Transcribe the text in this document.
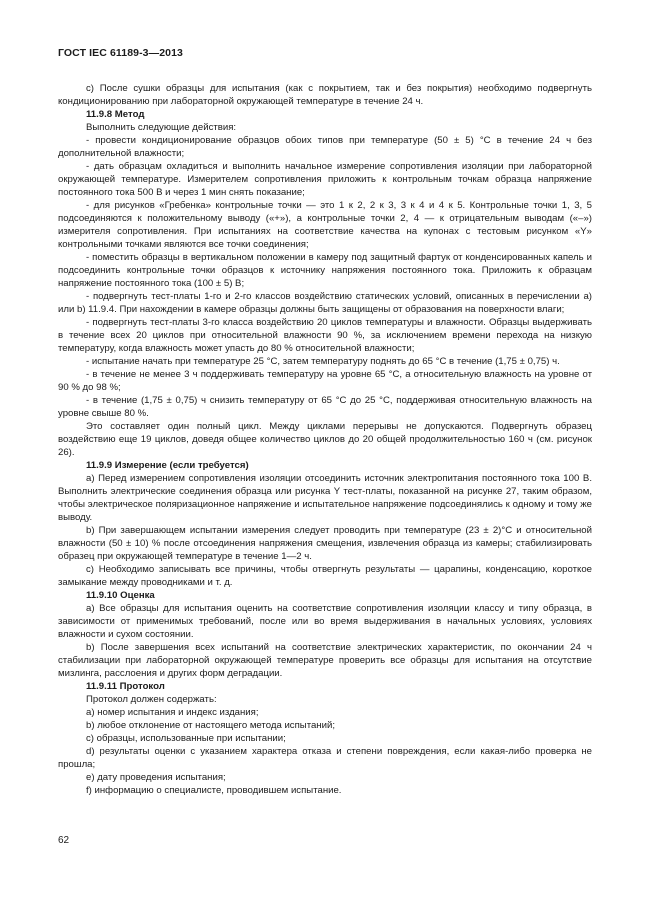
ГОСТ IEC 61189-3—2013

c) После сушки образцы для испытания (как с покрытием, так и без покрытия) необходимо подвергнуть кондиционированию при лабораторной окружающей температуре в течение 24 ч.

11.9.8 Метод

Выполнить следующие действия:

- провести кондиционирование образцов обоих типов при температуре (50 ± 5) °С в течение 24 ч без дополнительной влажности;

- дать образцам охладиться и выполнить начальное измерение сопротивления изоляции при лабораторной окружающей температуре. Измерителем сопротивления приложить к контрольным точкам образца напряжение постоянного тока 500 В и через 1 мин снять показание;

- для рисунков «Гребенка» контрольные точки — это 1 к 2, 2 к 3, 3 к 4 и 4 к 5. Контрольные точки 1, 3, 5 подсоединяются к положительному выводу («+»), а контрольные точки 2, 4 — к отрицательным выводам («–») измерителя сопротивления. При испытаниях на соответствие качества на купонах с тестовым рисунком «Y» контрольными точками являются все точки соединения;

- поместить образцы в вертикальном положении в камеру под защитный фартук от конденсированных капель и подсоединить контрольные точки образцов к источнику напряжения постоянного тока. Приложить к образцам напряжение постоянного тока (100 ± 5) В;

- подвергнуть тест-платы 1-го и 2-го классов воздействию статических условий, описанных в перечислении a) или b) 11.9.4. При нахождении в камере образцы должны быть защищены от образования на поверхности влаги;

- подвергнуть тест-платы 3-го класса воздействию 20 циклов температуры и влажности. Образцы выдерживать в течение всех 20 циклов при относительной влажности 90 %, за исключением времени перехода на низкую температуру, когда влажность может упасть до 80 % относительной влажности;

- испытание начать при температуре 25 °С, затем температуру поднять до 65 °С в течение (1,75 ± 0,75) ч.

- в течение не менее 3 ч поддерживать температуру на уровне 65 °С, а относительную влажность на уровне от 90 % до 98 %;

- в течение (1,75 ± 0,75) ч снизить температуру от 65 °С до 25 °С, поддерживая относительную влажность на уровне свыше 80 %.

Это составляет один полный цикл. Между циклами перерывы не допускаются. Подвергнуть образец воздействию еще 19 циклов, доведя общее количество циклов до 20 общей продолжительностью 160 ч (см. рисунок 26).

11.9.9 Измерение (если требуется)

a) Перед измерением сопротивления изоляции отсоединить источник электропитания постоянного тока 100 В. Выполнить электрические соединения образца или рисунка Y тест-платы, показанной на рисунке 27, таким образом, чтобы электрическое поляризационное напряжение и испытательное напряжение подсоединялись к одному и тому же выводу.

b) При завершающем испытании измерения следует проводить при температуре (23 ± 2)°С и относительной влажности (50 ± 10) % после отсоединения напряжения смещения, извлечения образца из камеры; стабилизировать образец при окружающей температуре в течение 1—2 ч.

c) Необходимо записывать все причины, чтобы отвергнуть результаты — царапины, конденсацию, короткое замыкание между проводниками и т. д.

11.9.10 Оценка

a) Все образцы для испытания оценить на соответствие сопротивления изоляции классу и типу образца, в зависимости от применимых требований, после или во время выдерживания в начальных условиях, условиях влажности и сухом состоянии.

b) После завершения всех испытаний на соответствие электрических характеристик, по окончании 24 ч стабилизации при лабораторной окружающей температуре проверить все образцы для испытания на отсутствие мизлинга, расслоения и других форм деградации.

11.9.11 Протокол

Протокол должен содержать:

a) номер испытания и индекс издания;

b) любое отклонение от настоящего метода испытаний;

c) образцы, использованные при испытании;

d) результаты оценки с указанием характера отказа и степени повреждения, если какая-либо проверка не прошла;

e) дату проведения испытания;

f) информацию о специалисте, проводившем испытание.

62
